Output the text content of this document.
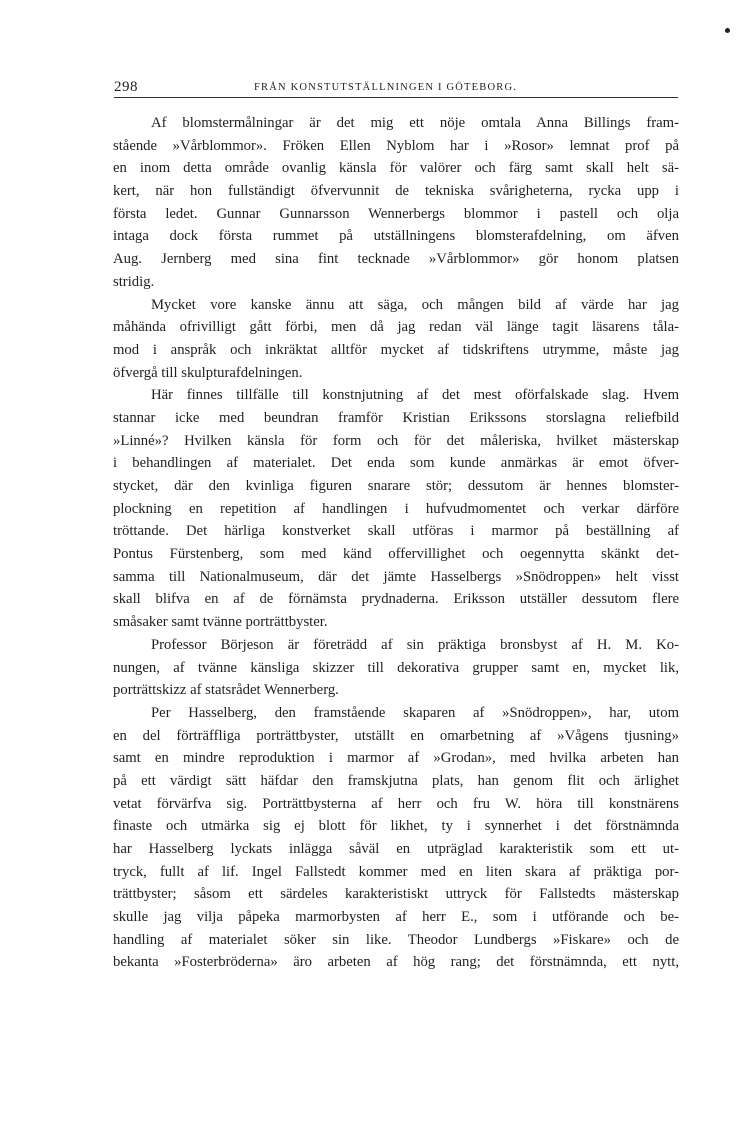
298	FRÅN KONSTUTSTÄLLNINGEN I GÖTEBORG.
Af blomstermålningar är det mig ett nöje omtala Anna Billings fram-
stående »Vårblommor». Fröken Ellen Nyblom har i »Rosor» lemnat prof på
en inom detta område ovanlig känsla för valörer och färg samt skall helt sä-
kert, när hon fullständigt öfvervunnit de tekniska svårigheterna, rycka upp i
första ledet. Gunnar Gunnarsson Wennerbergs blommor i pastell och olja
intaga dock första rummet på utställningens blomsterafdelning, om äfven
Aug. Jernberg med sina fint tecknade »Vårblommor» gör honom platsen
stridig.
Mycket vore kanske ännu att säga, och mången bild af värde har jag
måhända ofrivilligt gått förbi, men då jag redan väl länge tagit läsarens tåla-
mod i anspråk och inkräktat alltför mycket af tidskriftens utrymme, måste jag
öfvergå till skulpturafdelningen.
Här finnes tillfälle till konstnjutning af det mest oförfalskade slag. Hvem
stannar icke med beundran framför Kristian Erikssons storslagna reliefbild
»Linné»? Hvilken känsla för form och för det måleriska, hvilket mästerskap
i behandlingen af materialet. Det enda som kunde anmärkas är emot öfver-
stycket, där den kvinliga figuren snarare stör; dessutom är hennes blomster-
plockning en repetition af handlingen i hufvudmomentet och verkar därföre
tröttande. Det härliga konstverket skall utföras i marmor på beställning af
Pontus Fürstenberg, som med känd offervillighet och oegennytta skänkt det-
samma till Nationalmuseum, där det jämte Hasselbergs »Snödroppen» helt visst
skall blifva en af de förnämsta prydnaderna. Eriksson utställer dessutom flere
småsaker samt tvänne porträttbyster.
Professor Börjeson är företrädd af sin präktiga bronsbyst af H. M. Ko-
nungen, af tvänne känsliga skizzer till dekorativa grupper samt en, mycket lik,
porträttskizz af statsrådet Wennerberg.
Per Hasselberg, den framstående skaparen af »Snödroppen», har, utom
en del förträffliga porträttbyster, utställt en omarbetning af »Vågens tjusning»
samt en mindre reproduktion i marmor af »Grodan», med hvilka arbeten han
på ett värdigt sätt häfdar den framskjutna plats, han genom flit och ärlighet
vetat förvärfva sig. Porträttbysterna af herr och fru W. höra till konstnärens
finaste och utmärka sig ej blott för likhet, ty i synnerhet i det förstnämnda
har Hasselberg lyckats inlägga såväl en utpräglad karakteristik som ett ut-
tryck, fullt af lif. Ingel Fallstedt kommer med en liten skara af präktiga por-
trättbyster; såsom ett särdeles karakteristiskt uttryck för Fallstedts mästerskap
skulle jag vilja påpeka marmorbysten af herr E., som i utförande och be-
handling af materialet söker sin like. Theodor Lundbergs »Fiskare» och de
bekanta »Fosterbröderna» äro arbeten af hög rang; det förstnämnda, ett nytt,
